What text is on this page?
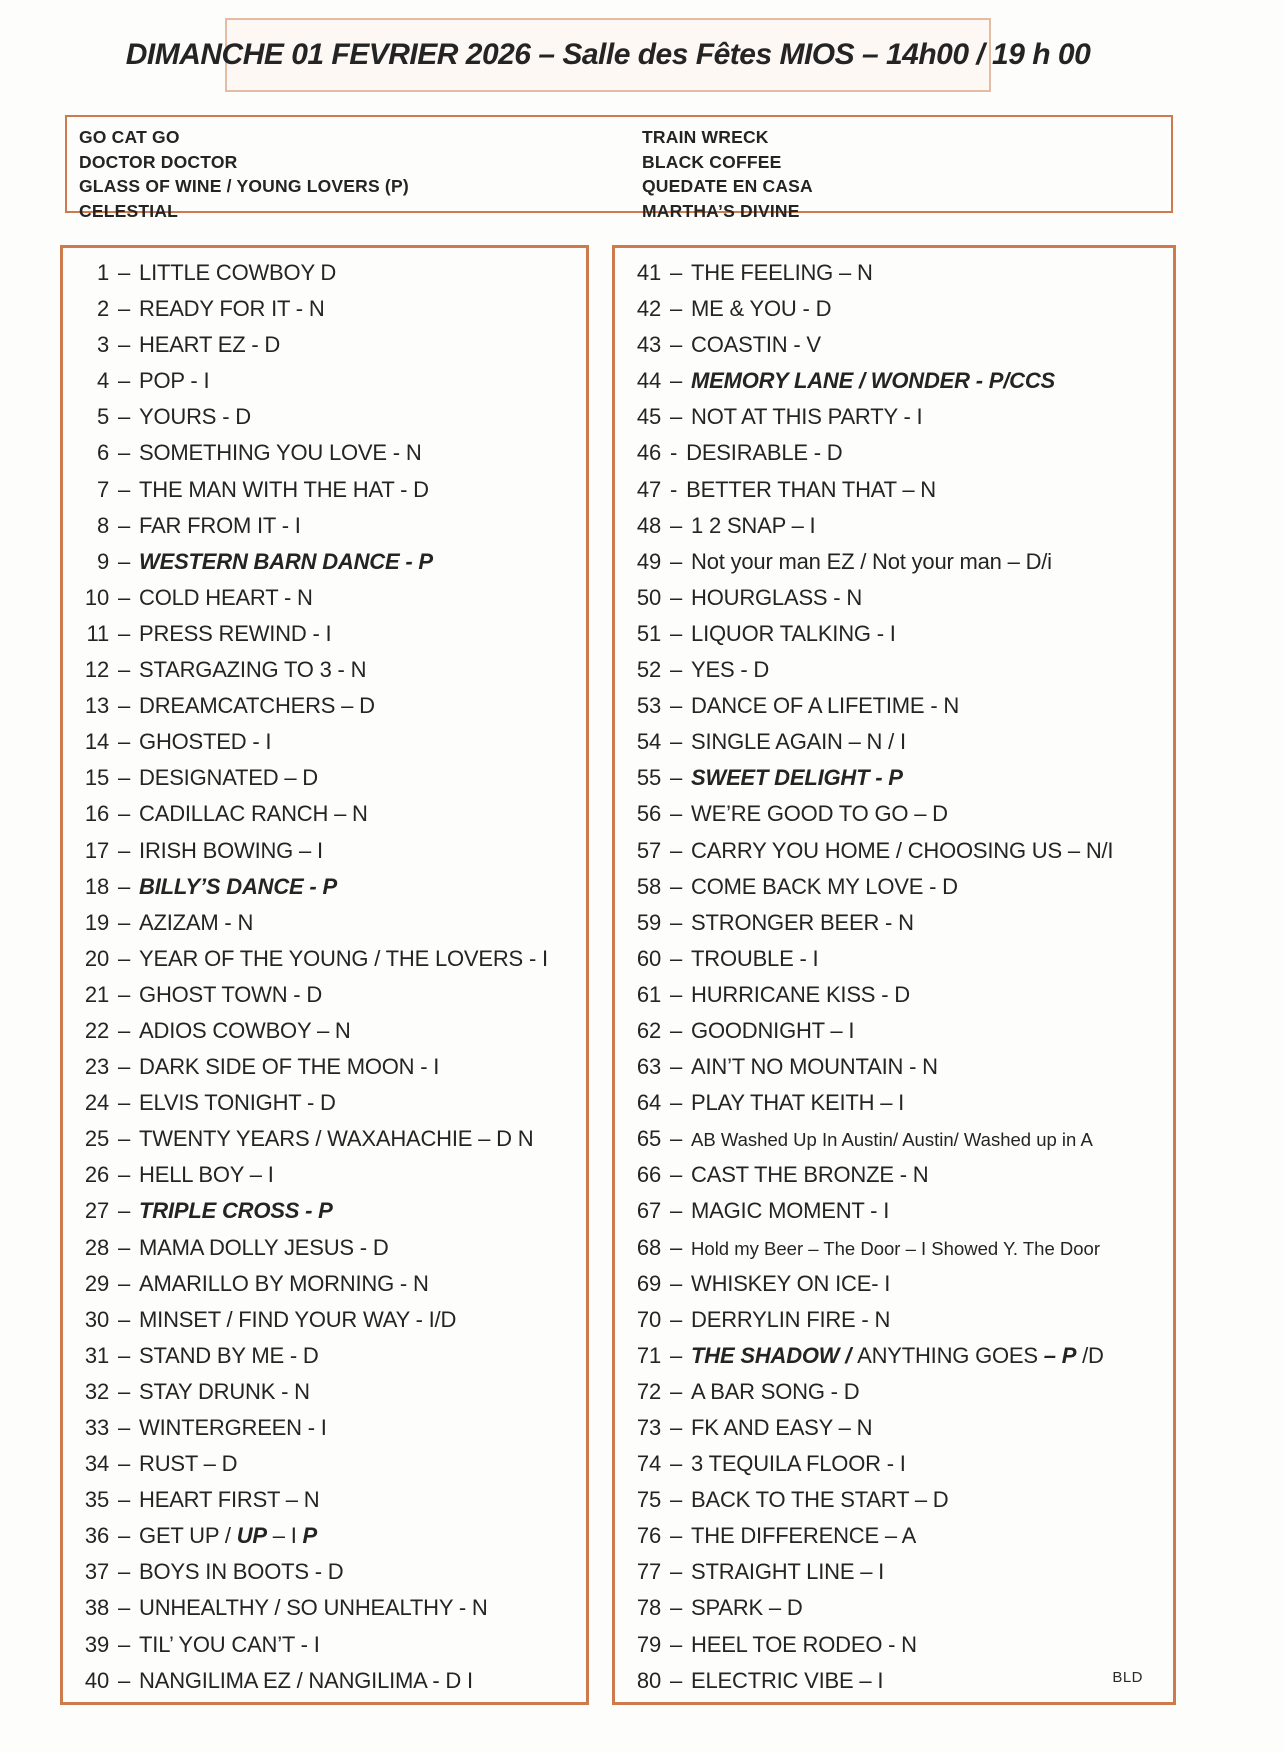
DIMANCHE 01 FEVRIER 2026 – Salle des Fêtes MIOS – 14h00 / 19 h 00
GO CAT GO
DOCTOR DOCTOR
GLASS OF WINE / YOUNG LOVERS (P)
CELESTIAL
TRAIN WRECK
BLACK COFFEE
QUEDATE EN CASA
MARTHA’S DIVINE
1 – LITTLE COWBOY D
2 – READY FOR IT - N
3 – HEART EZ - D
4 – POP - I
5 – YOURS - D
6 – SOMETHING YOU LOVE - N
7 – THE MAN WITH THE HAT - D
8 – FAR FROM IT - I
9 – WESTERN BARN DANCE - P
10 – COLD HEART - N
11 – PRESS REWIND - I
12 – STARGAZING TO 3 - N
13 – DREAMCATCHERS – D
14 – GHOSTED - I
15 – DESIGNATED – D
16 – CADILLAC RANCH – N
17 – IRISH BOWING – I
18 – BILLY’S DANCE - P
19 – AZIZAM - N
20 – YEAR OF THE YOUNG / THE LOVERS - I
21 – GHOST TOWN - D
22 – ADIOS COWBOY – N
23 – DARK SIDE OF THE MOON - I
24 – ELVIS TONIGHT - D
25 – TWENTY YEARS / WAXAHACHIE – D N
26 – HELL BOY – I
27 – TRIPLE CROSS - P
28 – MAMA DOLLY JESUS - D
29 – AMARILLO BY MORNING - N
30 – MINSET / FIND YOUR WAY - I/D
31 – STAND BY ME - D
32 – STAY DRUNK - N
33 – WINTERGREEN - I
34 – RUST – D
35 – HEART FIRST – N
36 – GET UP / UP – I P
37 – BOYS IN BOOTS - D
38 – UNHEALTHY / SO UNHEALTHY - N
39 – TIL’ YOU CAN’T - I
40 – NANGILIMA EZ / NANGILIMA - D I
41 – THE FEELING – N
42 – ME & YOU - D
43 – COASTIN - V
44 – MEMORY LANE / WONDER - P/CCS
45 – NOT AT THIS PARTY - I
46 - DESIRABLE - D
47 - BETTER THAN THAT – N
48 – 1 2 SNAP – I
49 – Not your man EZ / Not your man – D/i
50 – HOURGLASS - N
51 – LIQUOR TALKING - I
52 – YES - D
53 – DANCE OF A LIFETIME - N
54 – SINGLE AGAIN – N / I
55 – SWEET DELIGHT - P
56 – WE’RE GOOD TO GO – D
57 – CARRY YOU HOME / CHOOSING US – N/I
58 – COME BACK MY LOVE - D
59 – STRONGER BEER - N
60 – TROUBLE - I
61 – HURRICANE KISS - D
62 – GOODNIGHT – I
63 – AIN’T NO MOUNTAIN - N
64 – PLAY THAT KEITH – I
65 – AB Washed Up In Austin/ Austin/ Washed up in A
66 – CAST THE BRONZE - N
67 – MAGIC MOMENT - I
68 – Hold my Beer – The Door – I Showed Y. The Door
69 – WHISKEY ON ICE- I
70 – DERRYLIN FIRE - N
71 – THE SHADOW / ANYTHING GOES – P /D
72 – A BAR SONG - D
73 – FK AND EASY – N
74 – 3 TEQUILA FLOOR - I
75 – BACK TO THE START – D
76 – THE DIFFERENCE – A
77 – STRAIGHT LINE – I
78 – SPARK – D
79 – HEEL TOE RODEO - N
80 – ELECTRIC VIBE – I	BLD
